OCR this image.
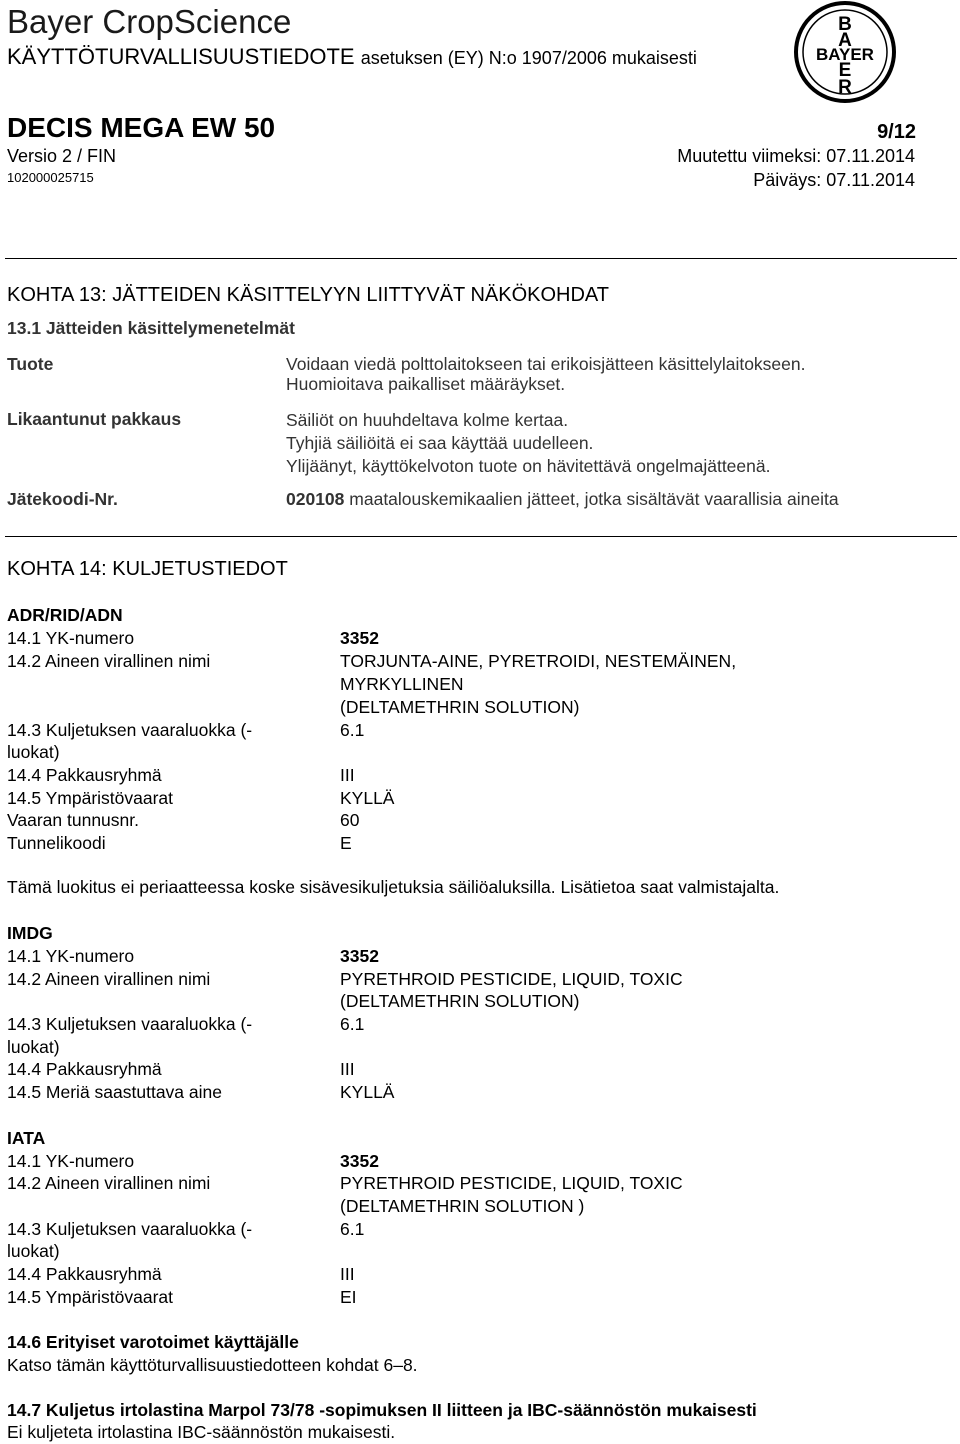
Bayer CropScience
KÄYTTÖTURVALLISUUSTIEDOTE asetuksen (EY) N:o 1907/2006 mukaisesti
B
A
BAYER
E
R
DECIS MEGA EW 50	9/12
Versio 2 / FIN	Muutettu viimeksi: 07.11.2014
102000025715	Päiväys: 07.11.2014
KOHTA 13: JÄTTEIDEN KÄSITTELYYN LIITTYVÄT NÄKÖKOHDAT
13.1 Jätteiden käsittelymenetelmät
Tuote	Voidaan viedä polttolaitokseen tai erikoisjätteen käsittelylaitokseen.
Huomioitava paikalliset määräykset.
Likaantunut pakkaus	Säiliöt on huuhdeltava kolme kertaa.
Tyhjiä säiliöitä ei saa käyttää uudelleen.
Ylijäänyt, käyttökelvoton tuote on hävitettävä ongelmajätteenä.
Jätekoodi-Nr.	020108 maatalouskemikaalien jätteet, jotka sisältävät vaarallisia aineita
KOHTA 14: KULJETUSTIEDOT
ADR/RID/ADN
14.1 YK-numero	3352
14.2 Aineen virallinen nimi	TORJUNTA-AINE, PYRETROIDI, NESTEMÄINEN,
MYRKYLLINEN
(DELTAMETHRIN SOLUTION)
14.3 Kuljetuksen vaaraluokka (-	6.1
luokat)
14.4 Pakkausryhmä	III
14.5 Ympäristövaarat	KYLLÄ
Vaaran tunnusnr.	60
Tunnelikoodi	E
Tämä luokitus ei periaatteessa koske sisävesikuljetuksia säiliöaluksilla. Lisätietoa saat valmistajalta.
IMDG
14.1 YK-numero	3352
14.2 Aineen virallinen nimi	PYRETHROID PESTICIDE, LIQUID, TOXIC
(DELTAMETHRIN SOLUTION)
14.3 Kuljetuksen vaaraluokka (-	6.1
luokat)
14.4 Pakkausryhmä	III
14.5 Meriä saastuttava aine	KYLLÄ
IATA
14.1 YK-numero	3352
14.2 Aineen virallinen nimi	PYRETHROID PESTICIDE, LIQUID, TOXIC
(DELTAMETHRIN SOLUTION )
14.3 Kuljetuksen vaaraluokka (-	6.1
luokat)
14.4 Pakkausryhmä	III
14.5 Ympäristövaarat	EI
14.6 Erityiset varotoimet käyttäjälle
Katso tämän käyttöturvallisuustiedotteen kohdat 6–8.
14.7 Kuljetus irtolastina Marpol 73/78 -sopimuksen II liitteen ja IBC-säännöstön mukaisesti
Ei kuljeteta irtolastina IBC-säännöstön mukaisesti.
